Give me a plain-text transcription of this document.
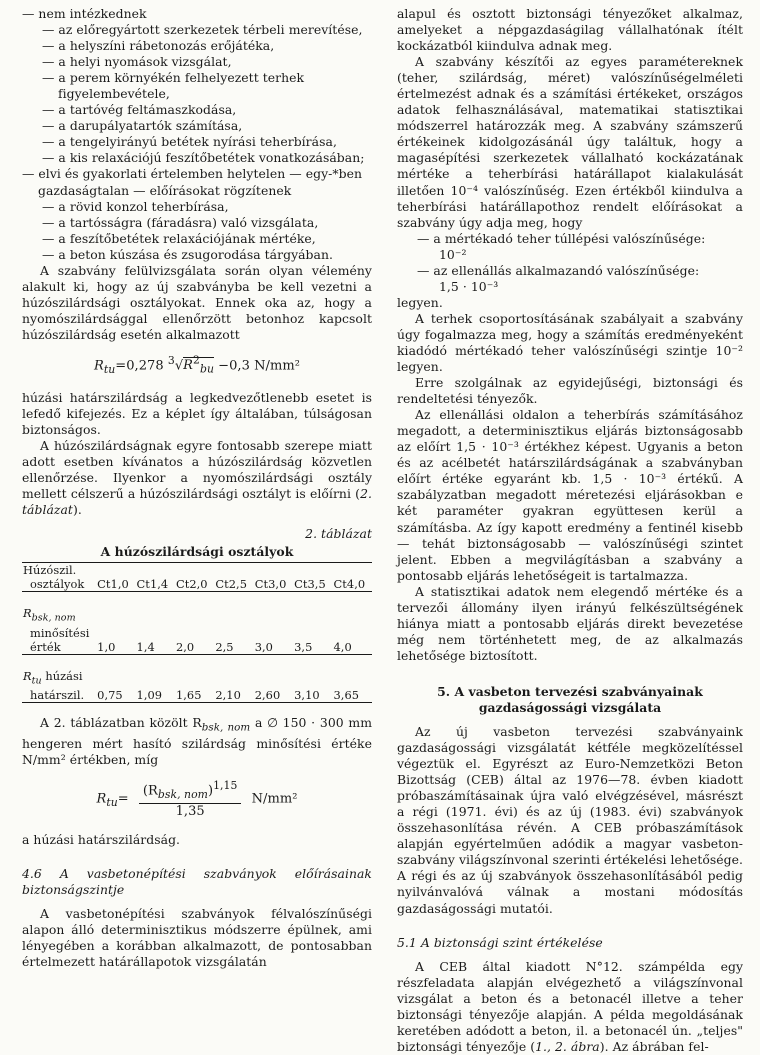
— nem intézkednek
— az előregyártott szerkezetek térbeli merevítése,
— a helyszíni rábetonozás erőjátéka,
— a helyi nyomások vizsgálat,
— a perem környékén felhelyezett terhek figyelembevétele,
— a tartóvég feltámaszkodása,
— a darupályatartók számítása,
— a tengelyirányú betétek nyírási teherbírása,
— a kis relaxációjú feszítőbetétek vonatkozásában;
— elvi és gyakorlati értelemben helytelen — egy-*ben gazdaságtalan — előírásokat rögzítenek
— a rövid konzol teherbírása,
— a tartósságra (fáradásra) való vizsgálata,
— a feszítőbetétek relaxációjának mértéke,
— a beton kúszása és zsugorodása tárgyában.

A szabvány felülvizsgálata során olyan vélemény alakult ki, hogy az új szabványba be kell vezetni a húzószilárdsági osztályokat. Ennek oka az, hogy a nyomószilárdsággal ellenőrzött betonhoz kapcsolt húzószilárdság esetén alkalmazott

$R_{tu}=0,278$ $^3√R^2_{bu} -0,3$ N/mm²

húzási határszilárdság a legkedvezőtlenebb esetet is lefedő kifejezés. Ez a képlet így általában, túlságosan biztonságos.

A húzószilárdságnak egyre fontosabb szerepe miatt adott esetben kívánatos a húzószilárdság közvetlen ellenőrzése. Ilyenkor a nyomószilárdsági osztály mellett célszerű a húzószilárdsági osztályt is előírni (2. táblázat).

2. táblázat
A húzószilárdsági osztályok
Húzószil.							
osztályok	Ct1,0	Ct1,4	Ct2,0	Ct2,5	Ct3,0	Ct3,5	Ct4,0

$R_{bsk, nom}$
minősítési							
érték	1,0	1,4	2,0	2,5	3,0	3,5	4,0

$R_{tu}$ húzási							
határszil.	0,75	1,09	1,65	2,10	2,60	3,10	3,65

A 2. táblázatban közölt $R_{bsk, nom}$ a ∅ 150 · 300 mm hengeren mért hasító szilárdság minősítési értéke N/mm² értékben, míg

$R_{tu}= \frac{(R_{bsk, nom})^{1,15}}{1,35} N/mm^2$

a húzási határszilárdság.

4.6 A vasbetonépítési szabványok előírásainak biztonságszintje

A vasbetonépítési szabványok félvalószínűségi alapon álló determinisztikus módszerre épülnek, ami lényegében a korábban alkalmazott, de pontosabban értelmezett határállapotok vizsgálatán

alapul és osztott biztonsági tényezőket alkalmaz, amelyeket a népgazdaságilag vállalhatónak ítélt kockázatból kiindulva adnak meg.

A szabvány készítői az egyes paramétereknek (teher, szilárdság, méret) valószínűségelméleti értelmezést adnak és a számítási értékeket, országos adatok felhasználásával, matematikai statisztikai módszerrel határozzák meg. A szabvány számszerű értékeinek kidolgozásánál úgy találtuk, hogy a magasépítési szerkezetek vállalható kockázatának mértéke a teherbírási határállapot kialakulását illetően 10⁻⁴ valószínűség. Ezen értékből kiindulva a teherbírási határállapothoz rendelt előírásokat a szabvány úgy adja meg, hogy

— a mértékadó teher túllépési valószínűsége:
10⁻²
— az ellenállás alkalmazandó valószínűsége:
1,5 · 10⁻³

legyen.

A terhek csoportosításának szabályait a szabvány úgy fogalmazza meg, hogy a számítás eredményeként kiadódó mértékadó teher valószínűségi szintje 10⁻² legyen.

Erre szolgálnak az egyidejűségi, biztonsági és rendeltetési tényezők.

Az ellenállási oldalon a teherbírás számításához megadott, a determinisztikus eljárás biztonságosabb az előírt 1,5 · 10⁻³ értékhez képest. Ugyanis a beton és az acélbetét határszilárdságának a szabványban előírt értéke egyaránt kb. 1,5 · 10⁻³ értékű. A szabályzatban megadott méretezési eljárásokban e két paraméter gyakran együttesen kerül a számításba. Az így kapott eredmény a fentinél kisebb — tehát biztonságosabb — valószínűségi szintet jelent. Ebben a megvilágításban a szabvány a pontosabb eljárás lehetőségeit is tartalmazza.

A statisztikai adatok nem elegendő mértéke és a tervezői állomány ilyen irányú felkészültségének hiánya miatt a pontosabb eljárás direkt bevezetése még nem történhetett meg, de az alkalmazás lehetősége biztosított.

5. A vasbeton tervezési szabványainak gazdaságossági vizsgálata

Az új vasbeton tervezési szabványaink gazdaságossági vizsgálatát kétféle megközelítéssel végeztük el. Egyrészt az Euro-Nemzetközi Beton Bizottság (CEB) által az 1976—78. évben kiadott próbaszámításainak újra való elvégzésével, másrészt a régi (1971. évi) és az új (1983. évi) szabványok összehasonlítása révén. A CEB próbaszámítások alapján egyértelműen adódik a magyar vasbeton-szabvány világszínvonal szerinti értékelési lehetősége. A régi és az új szabványok összehasonlításából pedig nyilvánvalóvá válnak a mostani módosítás gazdaságossági mutatói.

5.1 A biztonsági szint értékelése

A CEB által kiadott N°12. számpélda egy részfeladata alapján elvégezhető a világszínvonal vizsgálat a beton és a betonacél illetve a teher biztonsági tényezője alapján. A példa megoldásának keretében adódott a beton, il. a betonacél ún. „teljes" biztonsági tényezője (1., 2. ábra). Az ábrában fel-
